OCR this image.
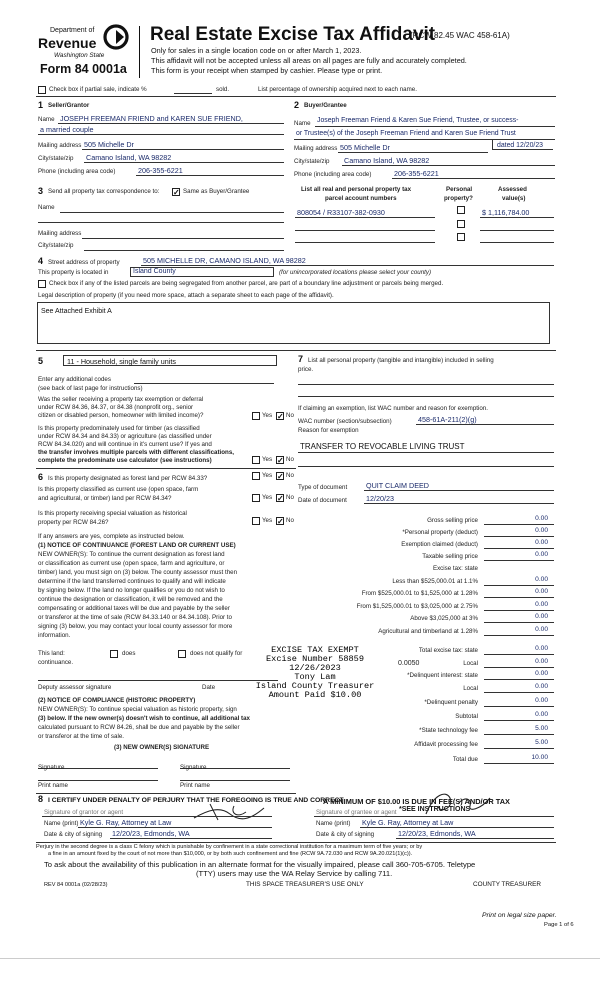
Department of
Revenue
Washington State
Form 84 0001a
Real Estate Excise Tax Affidavit
(RCW 82.45 WAC 458-61A)
Only for sales in a single location code on or after March 1, 2023.
This affidavit will not be accepted unless all areas on all pages are fully and accurately completed.
This form is your receipt when stamped by cashier. Please type or print.
Check box if partial sale, indicate %	sold.	List percentage of ownership acquired next to each name.
1 Seller/Grantor
Name JOSEPH FREEMAN FRIEND and KAREN SUE FRIEND,
a married couple
Mailing address 505 Michelle Dr
City/state/zip Camano Island, WA 98282
Phone (including area code)	206-355-6221
2 Buyer/Grantee
Name Joseph Freeman Friend & Karen Sue Friend, Trustee, or success-
or Trustee(s) of the Joseph Freeman Friend and Karen Sue Friend Trust
dated 12/20/23
Mailing address 505 Michelle Dr
City/state/zip Camano Island, WA 98282
Phone (including area code)	206-355-6221
3 Send all property tax correspondence to: ✓ Same as Buyer/Grantee
Name
Mailing address
City/state/zip
List all real and personal property tax
parcel account numbers
Personal
property?
Assessed
value(s)
808054 / R33107-382-0930	$ 1,116,784.00
4 Street address of property	505 MICHELLE DR, CAMANO ISLAND, WA 98282
This property is located in	Island County	(for unincorporated locations please select your county)
Check box if any of the listed parcels are being segregated from another parcel, are part of a boundary line adjustment or parcels being merged.
Legal description of property (if you need more space, attach a separate sheet to each page of the affidavit).
See Attached Exhibit A
5	11 - Household, single family units
Enter any additional codes
(see back of last page for instructions)
Was the seller receiving a property tax exemption or deferral
under RCW 84.36, 84.37, or 84.38 (nonprofit org., senior
citizen or disabled person, homeowner with limited income)?	Yes ✓ No
Is this property predominately used for timber (as classified
under RCW 84.34 and 84.33) or agriculture (as classified under
RCW 84.34.020) and will continue in it's current use? If yes and
the transfer involves multiple parcels with different classifications,
complete the predominate use calculator (see instructions)	Yes ✓ No
6 Is this property designated as forest land per RCW 84.33?	Yes ✓ No
Is this property classified as current use (open space, farm
and agricultural, or timber) land per RCW 84.34?	Yes ✓ No
Is this property receiving special valuation as historical
property per RCW 84.26?	Yes ✓ No
If any answers are yes, complete as instructed below.
(1) NOTICE OF CONTINUANCE (FOREST LAND OR CURRENT USE)
NEW OWNER(S): To continue the current designation as forest land
or classification as current use (open space, farm and agriculture, or
timber) land, you must sign on (3) below. The county assessor must then
determine if the land transferred continues to qualify and will indicate
by signing below. If the land no longer qualifies or you do not wish to
continue the designation or classification, it will be removed and the
compensating or additional taxes will be due and payable by the seller
or transferor at the time of sale (RCW 84.33.140 or 84.34.108). Prior to
signing (3) below, you may contact your local county assessor for more
information.
This land:
continuance.
does	does not qualify for
Deputy assessor signature	Date
(2) NOTICE OF COMPLIANCE (HISTORIC PROPERTY)
NEW OWNER(S): To continue special valuation as historic property, sign
(3) below. If the new owner(s) doesn't wish to continue, all additional tax
calculated pursuant to RCW 84.26, shall be due and payable by the seller
or transferor at the time of sale.
(3) NEW OWNER(S) SIGNATURE
Signature	Signature
Print name	Print name
7 List all personal property (tangible and intangible) included in selling
price.
If claiming an exemption, list WAC number and reason for exemption.
WAC number (section/subsection)	458-61A-211(2)(g)
Reason for exemption
TRANSFER TO REVOCABLE LIVING TRUST
Type of document	QUIT CLAIM DEED
Date of document	12/20/23
Gross selling price	0.00
*Personal property (deduct)	0.00
Exemption claimed (deduct)	0.00
Taxable selling price	0.00
Excise tax: state
Less than $525,000.01 at 1.1%	0.00
From $525,000.01 to $1,525,000 at 1.28%	0.00
From $1,525,000.01 to $3,025,000 at 2.75%	0.00
Above $3,025,000 at 3%	0.00
Agricultural and timberland at 1.28%	0.00
Total excise tax: state	0.00
Local	0.00
*Delinquent interest: state	0.00
Local	0.00
*Delinquent penalty	0.00
Subtotal	0.00
*State technology fee	5.00
Affidavit processing fee	5.00
Total due	10.00
0.0050
A MINIMUM OF $10.00 IS DUE IN FEE(S) AND/OR TAX
*SEE INSTRUCTIONS
EXCISE TAX EXEMPT
Excise Number 58859
12/26/2023
Tony Lam
Island County Treasurer
Amount Paid $10.00
8 I CERTIFY UNDER PENALTY OF PERJURY THAT THE FOREGOING IS TRUE AND CORRECT
Signature of grantor or agent
Name (print) Kyle G. Ray, Attorney at Law
Date & city of signing 12/20/23, Edmonds, WA
Signature of grantee or agent
Name (print) Kyle G. Ray, Attorney at Law
Date & city of signing	12/20/23, Edmonds, WA
Perjury in the second degree is a class C felony which is punishable by confinement in a state correctional institution for a maximum term of five years; or by
a fine in an amount fixed by the court of not more than $10,000, or by both such confinement and fine (RCW 9A.72.030 and RCW 9A.20.021(1)(c)).
To ask about the availability of this publication in an alternate format for the visually impaired, please call 360-705-6705. Teletype
(TTY) users may use the WA Relay Service by calling 711.
REV 84 0001a (02/28/23)	THIS SPACE TREASURER'S USE ONLY	COUNTY TREASURER
Print on legal size paper.
Page 1 of 6
